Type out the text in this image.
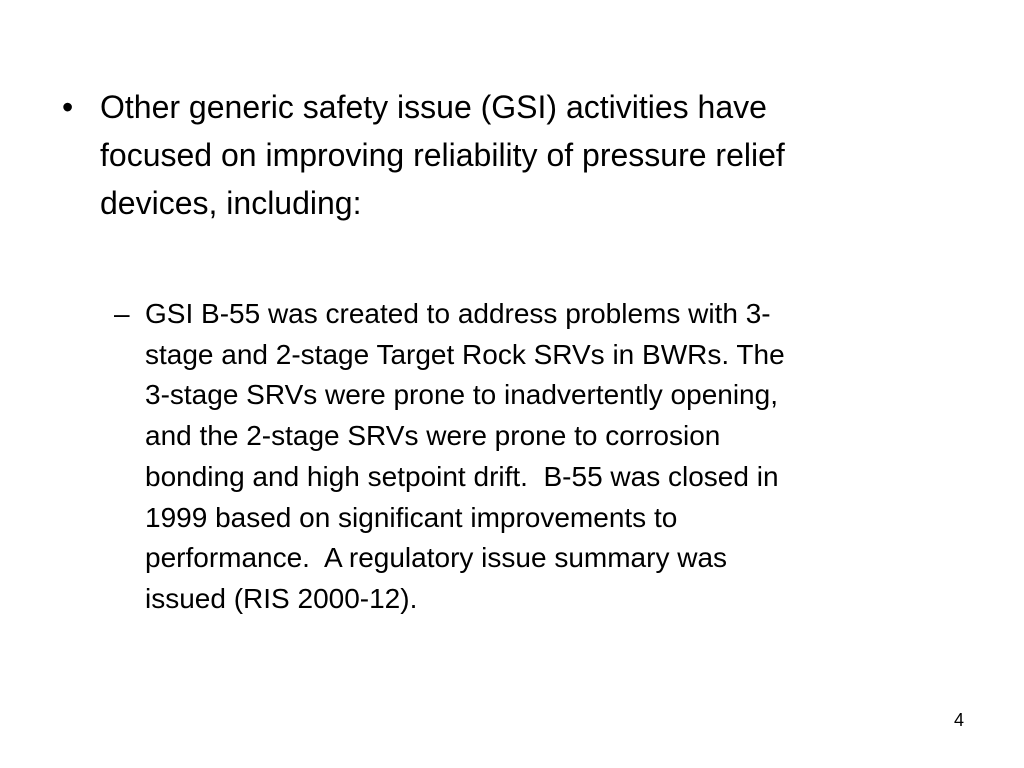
• Other generic safety issue (GSI) activities have
focused on improving reliability of pressure relief
devices, including:
– GSI B-55 was created to address problems with 3-
stage and 2-stage Target Rock SRVs in BWRs. The
3-stage SRVs were prone to inadvertently opening,
and the 2-stage SRVs were prone to corrosion
bonding and high setpoint drift.  B-55 was closed in
1999 based on significant improvements to
performance.  A regulatory issue summary was
issued (RIS 2000-12).
4
